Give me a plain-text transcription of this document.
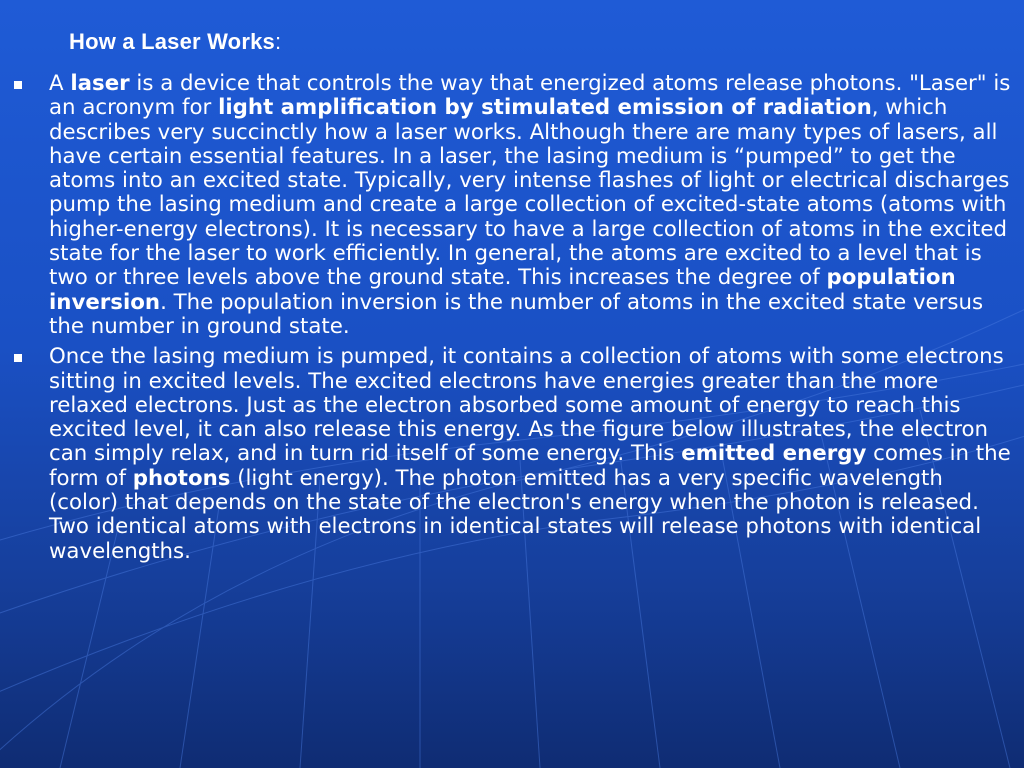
How a Laser Works:
A laser is a device that controls the way that energized atoms release photons. "Laser" is an acronym for light amplification by stimulated emission of radiation, which describes very succinctly how a laser works. Although there are many types of lasers, all have certain essential features. In a laser, the lasing medium is “pumped” to get the atoms into an excited state. Typically, very intense flashes of light or electrical discharges pump the lasing medium and create a large collection of excited-state atoms (atoms with higher-energy electrons). It is necessary to have a large collection of atoms in the excited state for the laser to work efficiently. In general, the atoms are excited to a level that is two or three levels above the ground state. This increases the degree of population inversion. The population inversion is the number of atoms in the excited state versus the number in ground state.
Once the lasing medium is pumped, it contains a collection of atoms with some electrons sitting in excited levels. The excited electrons have energies greater than the more relaxed electrons. Just as the electron absorbed some amount of energy to reach this excited level, it can also release this energy. As the figure below illustrates, the electron can simply relax, and in turn rid itself of some energy. This emitted energy comes in the form of photons (light energy). The photon emitted has a very specific wavelength (color) that depends on the state of the electron's energy when the photon is released. Two identical atoms with electrons in identical states will release photons with identical wavelengths.
